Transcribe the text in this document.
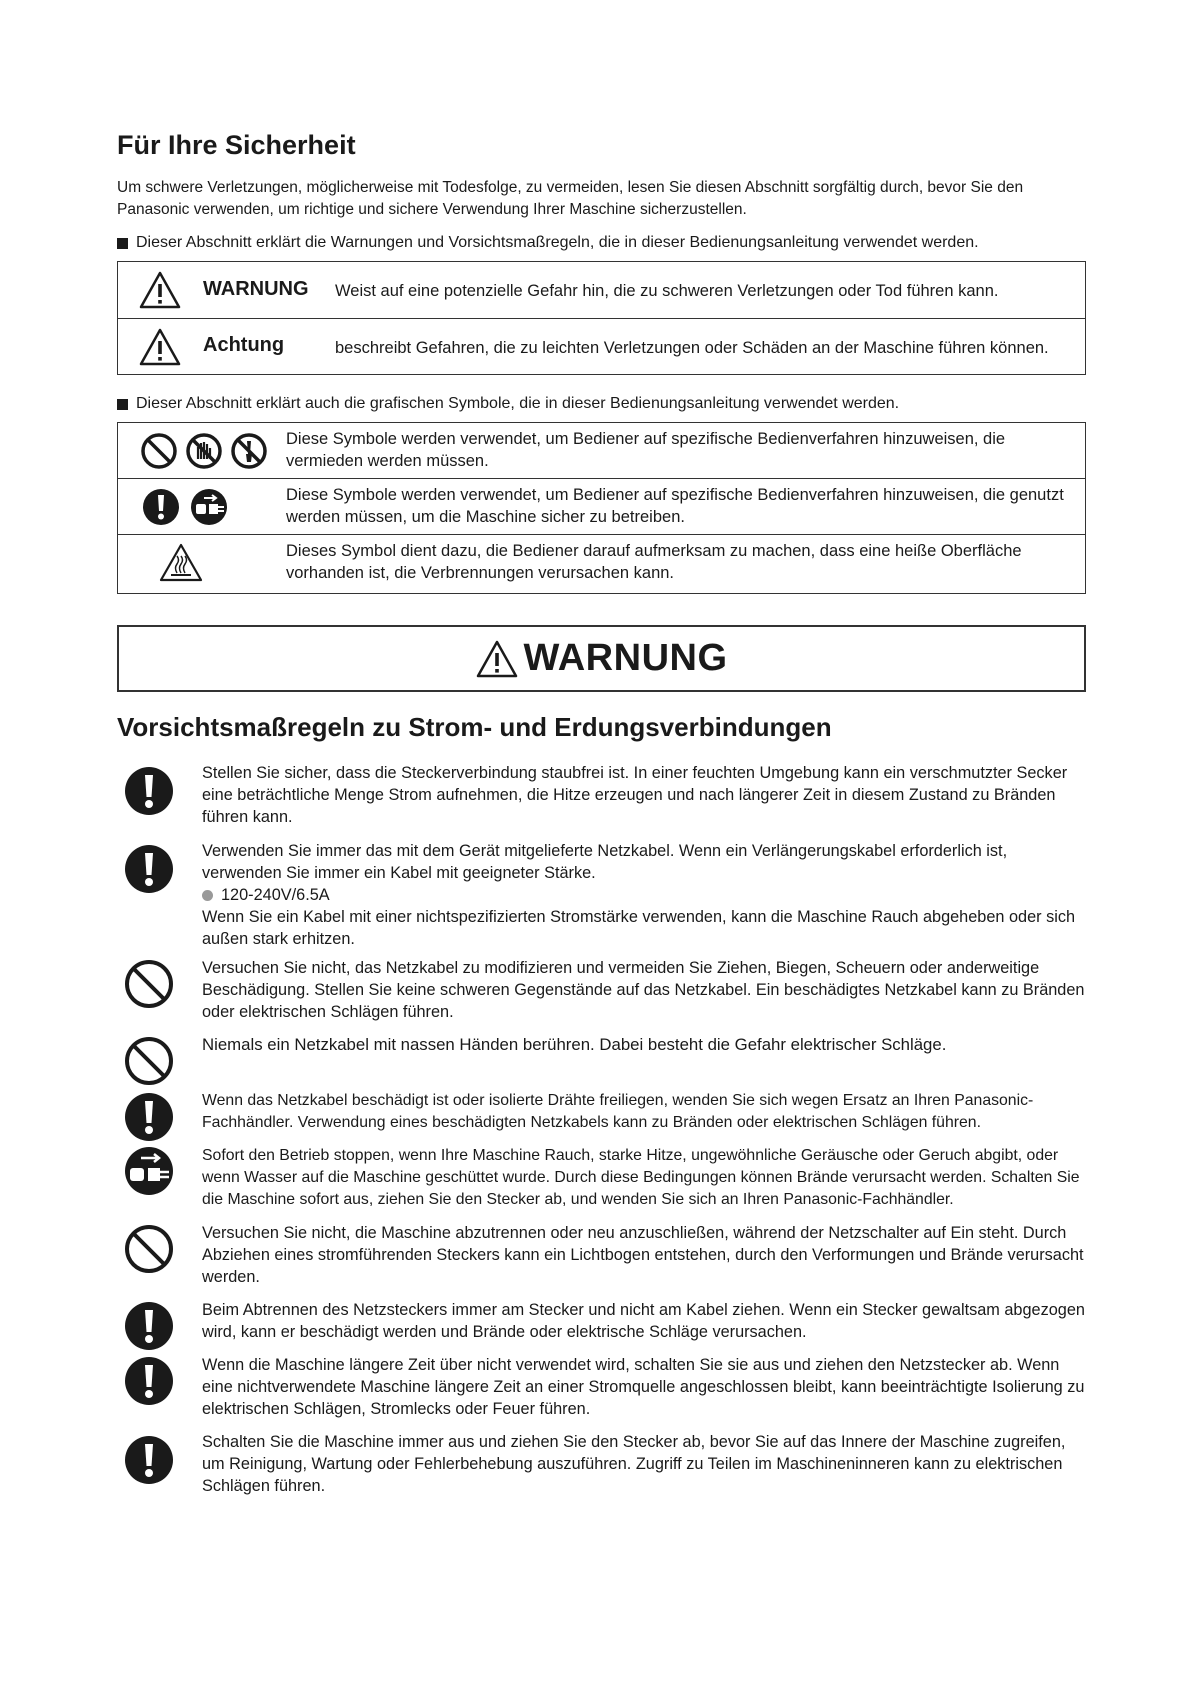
Für Ihre Sicherheit

Um schwere Verletzungen, möglicherweise mit Todesfolge, zu vermeiden, lesen Sie diesen Abschnitt sorgfältig durch, bevor Sie den Panasonic verwenden, um richtige und sichere Verwendung Ihrer Maschine sicherzustellen.

Dieser Abschnitt erklärt die Warnungen und Vorsichtsmaßregeln, die in dieser Bedienungsanleitung verwendet werden.
WARNUNG Weist auf eine potenzielle Gefahr hin, die zu schweren Verletzungen oder Tod führen kann.
Achtung	beschreibt Gefahren, die zu leichten Verletzungen oder Schäden an der Maschine führen können.
Dieser Abschnitt erklärt auch die grafischen Symbole, die in dieser Bedienungsanleitung verwendet werden.
Diese Symbole werden verwendet, um Bediener auf spezifische Bedienverfahren hinzuweisen, die vermieden werden müssen.
Diese Symbole werden verwendet, um Bediener auf spezifische Bedienverfahren hinzuweisen, die genutzt werden müssen, um die Maschine sicher zu betreiben.
Dieses Symbol dient dazu, die Bediener darauf aufmerksam zu machen, dass eine heiße Oberfläche vorhanden ist, die Verbrennungen verursachen kann.
WARNUNG
Vorsichtsmaßregeln zu Strom- und Erdungsverbindungen
Stellen Sie sicher, dass die Steckerverbindung staubfrei ist. In einer feuchten Umgebung kann ein verschmutzter Secker eine beträchtliche Menge Strom aufnehmen, die Hitze erzeugen und nach längerer Zeit in diesem Zustand zu Bränden führen kann.
Verwenden Sie immer das mit dem Gerät mitgelieferte Netzkabel. Wenn ein Verlängerungskabel erforderlich ist, verwenden Sie immer ein Kabel mit geeigneter Stärke.
120-240V/6.5A
Wenn Sie ein Kabel mit einer nichtspezifizierten Stromstärke verwenden, kann die Maschine Rauch abgeheben oder sich außen stark erhitzen.
Versuchen Sie nicht, das Netzkabel zu modifizieren und vermeiden Sie Ziehen, Biegen, Scheuern oder anderweitige Beschädigung. Stellen Sie keine schweren Gegenstände auf das Netzkabel. Ein beschädigtes Netzkabel kann zu Bränden oder elektrischen Schlägen führen.
Niemals ein Netzkabel mit nassen Händen berühren. Dabei besteht die Gefahr elektrischer Schläge.
Wenn das Netzkabel beschädigt ist oder isolierte Drähte freiliegen, wenden Sie sich wegen Ersatz an Ihren Panasonic-Fachhändler. Verwendung eines beschädigten Netzkabels kann zu Bränden oder elektrischen Schlägen führen.
Sofort den Betrieb stoppen, wenn Ihre Maschine Rauch, starke Hitze, ungewöhnliche Geräusche oder Geruch abgibt, oder wenn Wasser auf die Maschine geschüttet wurde. Durch diese Bedingungen können Brände verursacht werden. Schalten Sie die Maschine sofort aus, ziehen Sie den Stecker ab, und wenden Sie sich an Ihren Panasonic-Fachhändler.
Versuchen Sie nicht, die Maschine abzutrennen oder neu anzuschließen, während der Netzschalter auf Ein steht. Durch Abziehen eines stromführenden Steckers kann ein Lichtbogen entstehen, durch den Verformungen und Brände verursacht werden.
Beim Abtrennen des Netzsteckers immer am Stecker und nicht am Kabel ziehen. Wenn ein Stecker gewaltsam abgezogen wird, kann er beschädigt werden und Brände oder elektrische Schläge verursachen.
Wenn die Maschine längere Zeit über nicht verwendet wird, schalten Sie sie aus und ziehen den Netzstecker ab. Wenn eine nichtverwendete Maschine längere Zeit an einer Stromquelle angeschlossen bleibt, kann beeinträchtigte Isolierung zu elektrischen Schlägen, Stromlecks oder Feuer führen.
Schalten Sie die Maschine immer aus und ziehen Sie den Stecker ab, bevor Sie auf das Innere der Maschine zugreifen, um Reinigung, Wartung oder Fehlerbehebung auszuführen. Zugriff zu Teilen im Maschineninneren kann zu elektrischen Schlägen führen.
